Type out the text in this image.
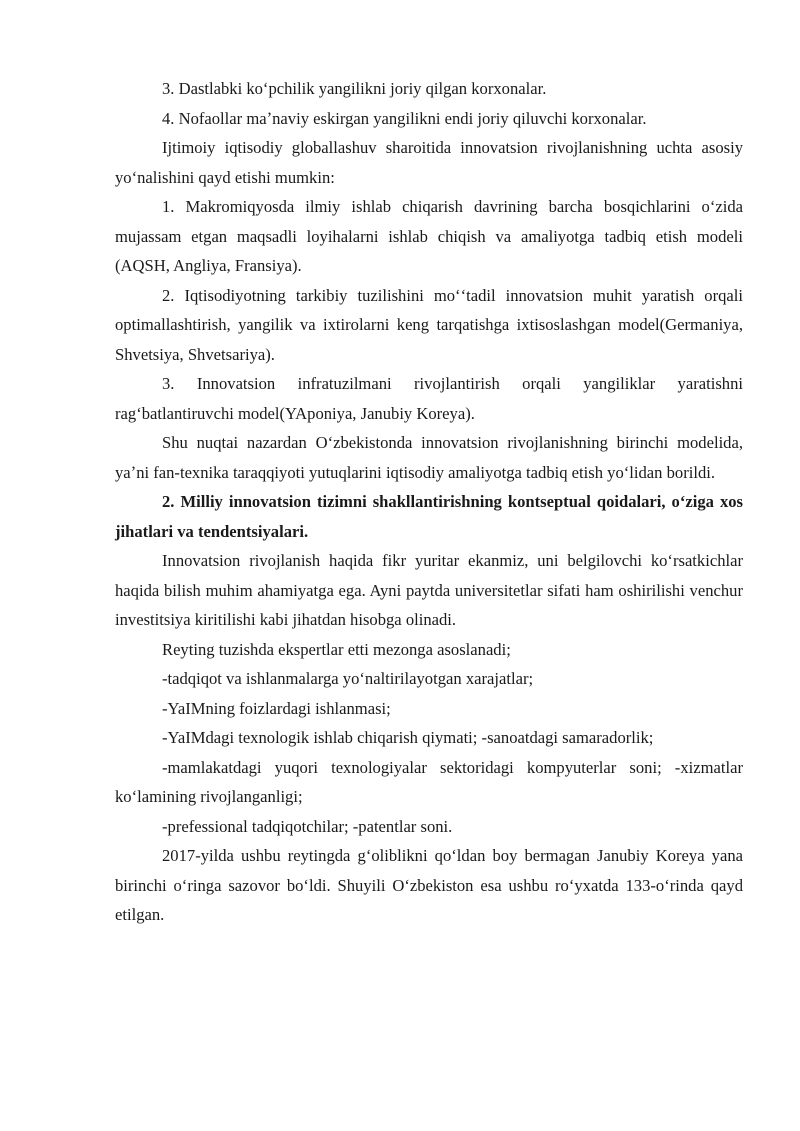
3. Dastlabki koʻpchilik yangilikni joriy qilgan korxonalar.

4. Nofaollar maʼnaviy eskirgan yangilikni endi joriy qiluvchi korxonalar.

Ijtimoiy iqtisodiy globallashuv sharoitida innovatsion rivojlanishning uchta asosiy yoʻnalishini qayd etishi mumkin:

1. Makromiqyosda ilmiy ishlab chiqarish davrining barcha bosqichlarini oʻzida mujassam etgan maqsadli loyihalarni ishlab chiqish va amaliyotga tadbiq etish modeli (AQSH, Angliya, Fransiya).

2. Iqtisodiyotning tarkibiy tuzilishini moʻʻtadil innovatsion muhit yaratish orqali optimallashtirish, yangilik va ixtirolarni keng tarqatishga ixtisoslashgan model(Germaniya, Shvetsiya, Shvetsariya).

3. Innovatsion infratuzilmani rivojlantirish orqali yangiliklar yaratishni ragʻbatlantiruvchi model(YAponiya, Janubiy Koreya).

Shu nuqtai nazardan Oʻzbekistonda innovatsion rivojlanishning birinchi modelida, yaʼni fan-texnika taraqqiyoti yutuqlarini iqtisodiy amaliyotga tadbiq etish yoʻlidan borildi.

2. Milliy innovatsion tizimni shakllantirishning kontseptual qoidalari, oʻziga xos jihatlari va tendentsiyalari.

Innovatsion rivojlanish haqida fikr yuritar ekanmiz, uni belgilovchi koʻrsatkichlar haqida bilish muhim ahamiyatga ega. Ayni paytda universitetlar sifati ham oshirilishi venchur investitsiya kiritilishi kabi jihatdan hisobga olinadi.

Reyting tuzishda ekspertlar etti mezonga asoslanadi;

-tadqiqot va ishlanmalarga yoʻnaltirilayotgan xarajatlar;

-YaIMning foizlardagi ishlanmasi;

-YaIMdagi texnologik ishlab chiqarish qiymati; -sanoatdagi samaradorlik;

-mamlakatdagi yuqori texnologiyalar sektoridagi kompyuterlar soni; -xizmatlar koʻlamining rivojlanganligi;

-prefessional tadqiqotchilar; -patentlar soni.

2017-yilda ushbu reytingda gʻoliblikni qoʻldan boy bermagan Janubiy Koreya yana birinchi oʻringa sazovor boʻldi. Shuyili Oʻzbekiston esa ushbu roʻyxatda 133-oʻrinda qayd etilgan.
